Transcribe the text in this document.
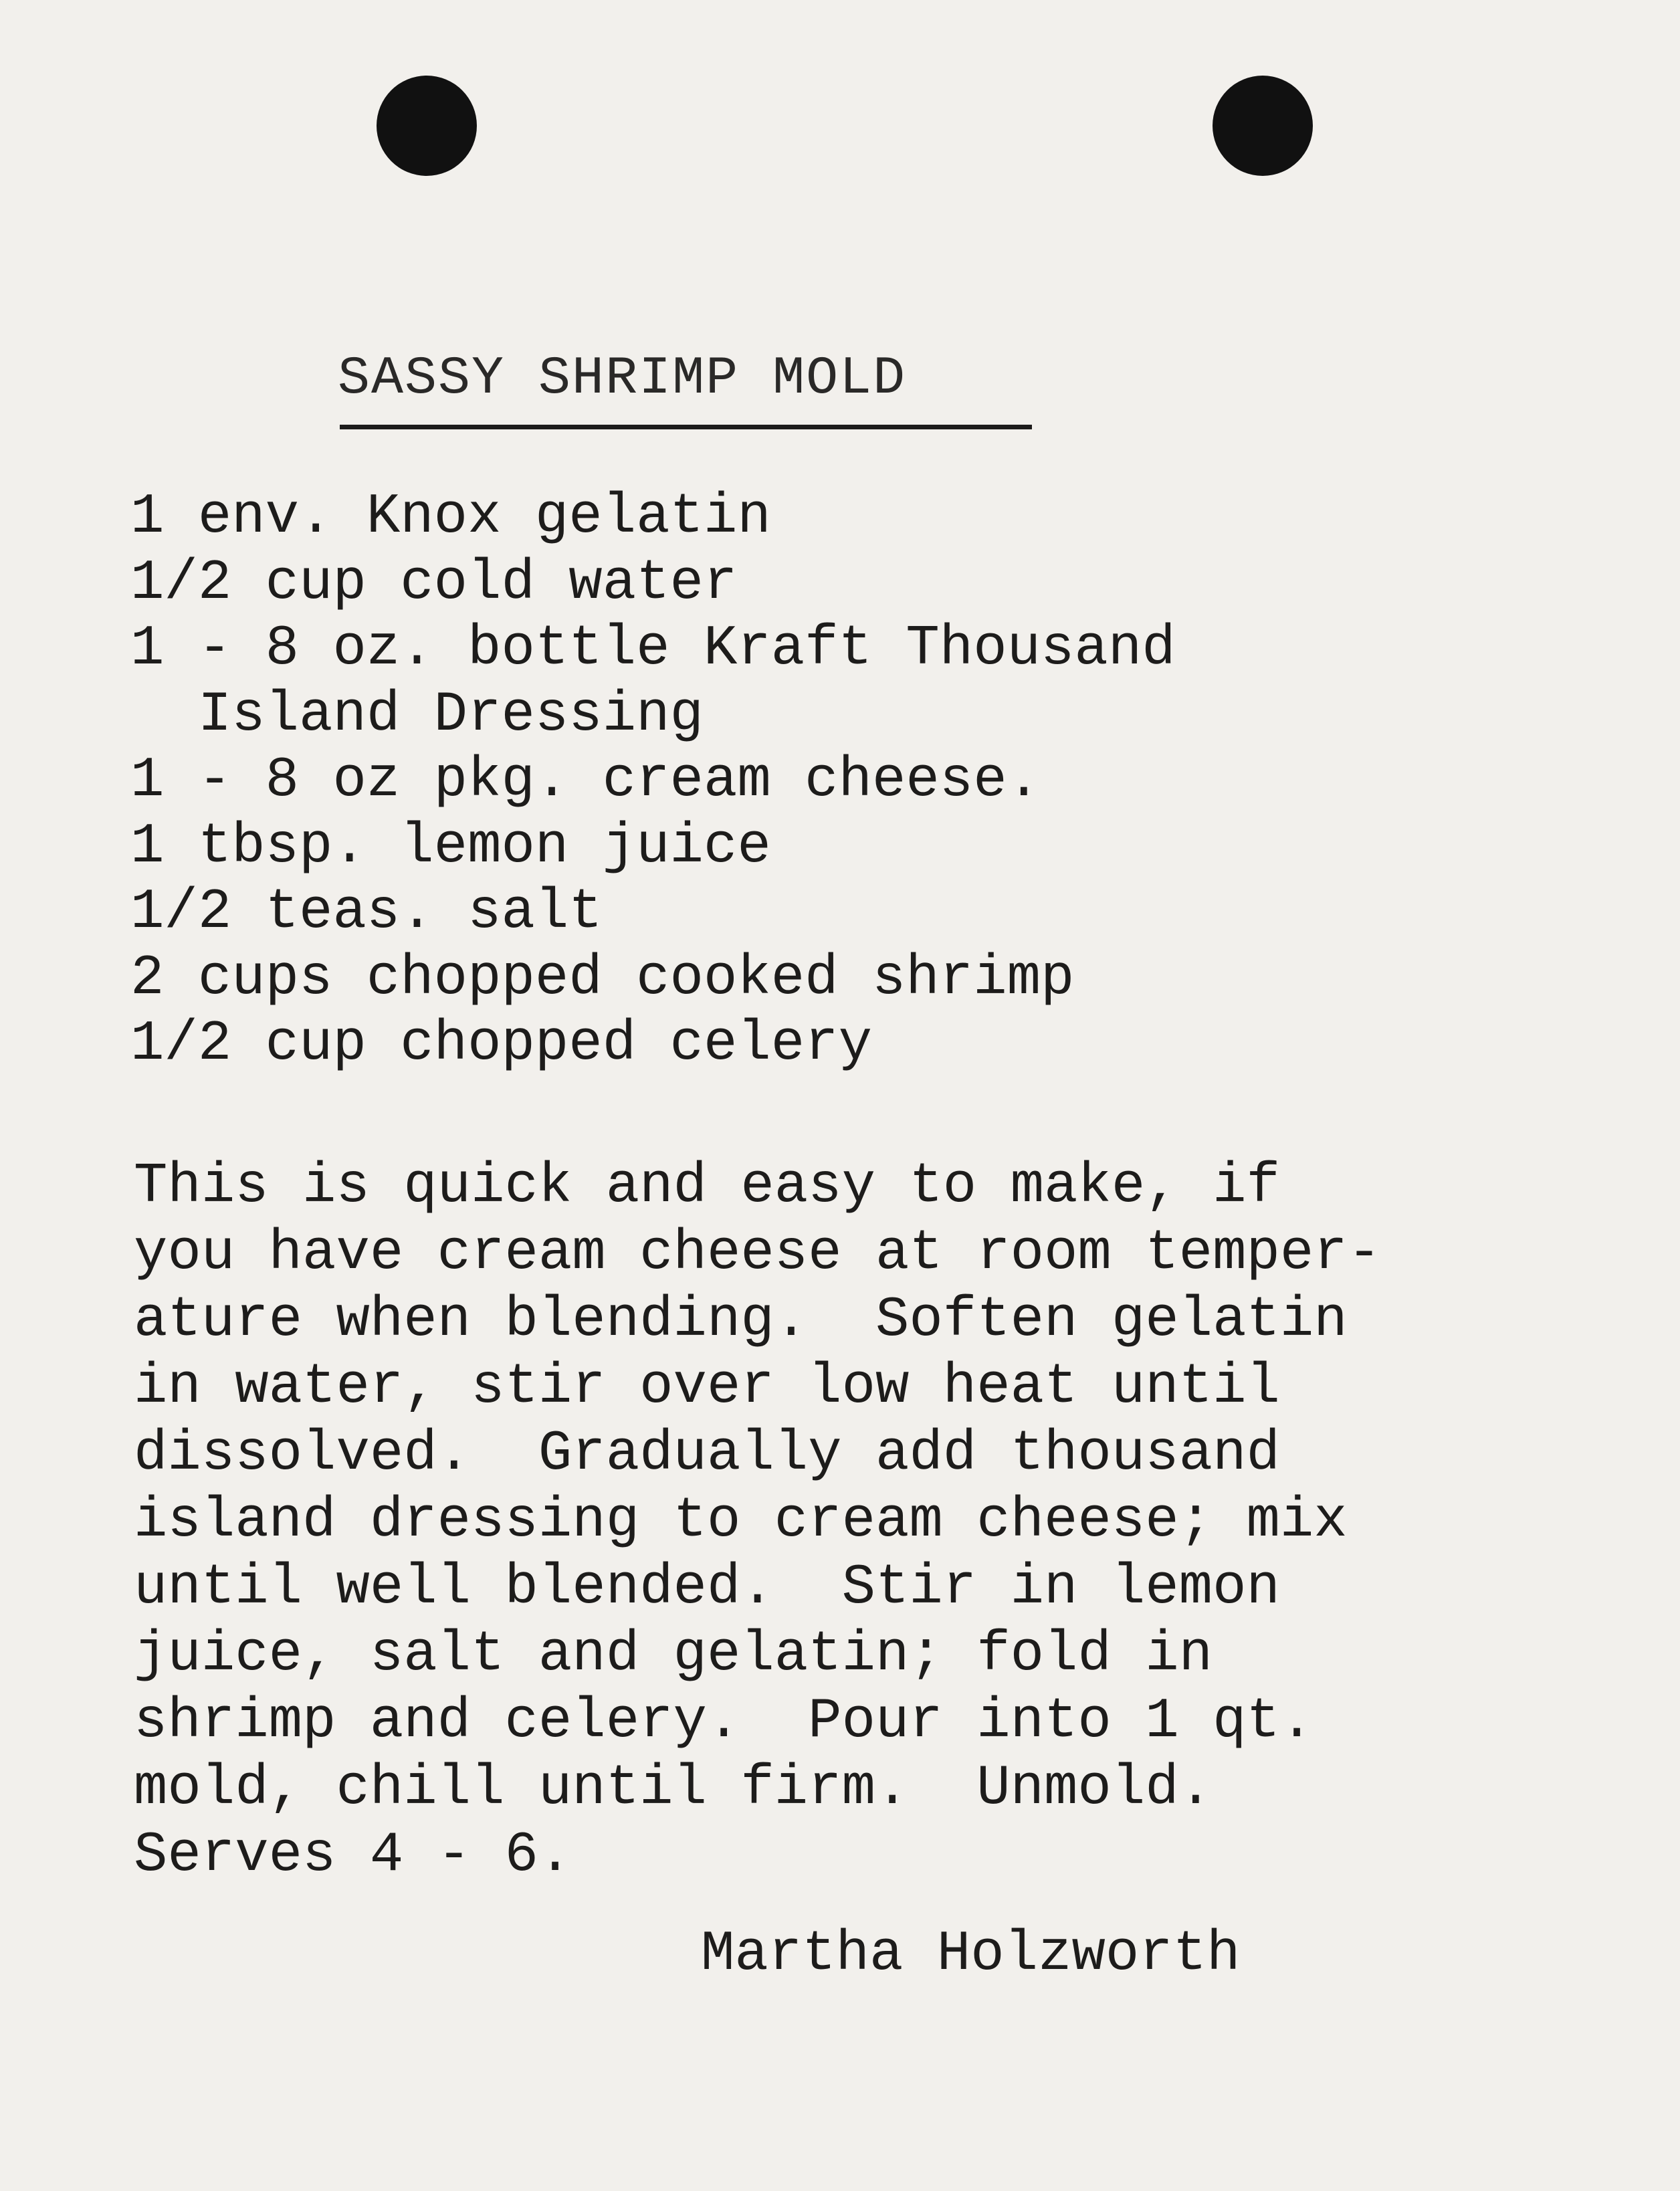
SASSY SHRIMP MOLD
1 env. Knox gelatin
1/2 cup cold water
1 - 8 oz. bottle Kraft Thousand
Island Dressing
1 - 8 oz pkg. cream cheese.
1 tbsp. lemon juice
1/2 teas. salt
2 cups chopped cooked shrimp
1/2 cup chopped celery

This is quick and easy to make, if
you have cream cheese at room temper-
ature when blending.  Soften gelatin
in water, stir over low heat until
dissolved.  Gradually add thousand
island dressing to cream cheese; mix
until well blended.  Stir in lemon
juice, salt and gelatin; fold in
shrimp and celery.  Pour into 1 qt.
mold, chill until firm.  Unmold.
Serves 4 - 6.

Martha Holzworth
